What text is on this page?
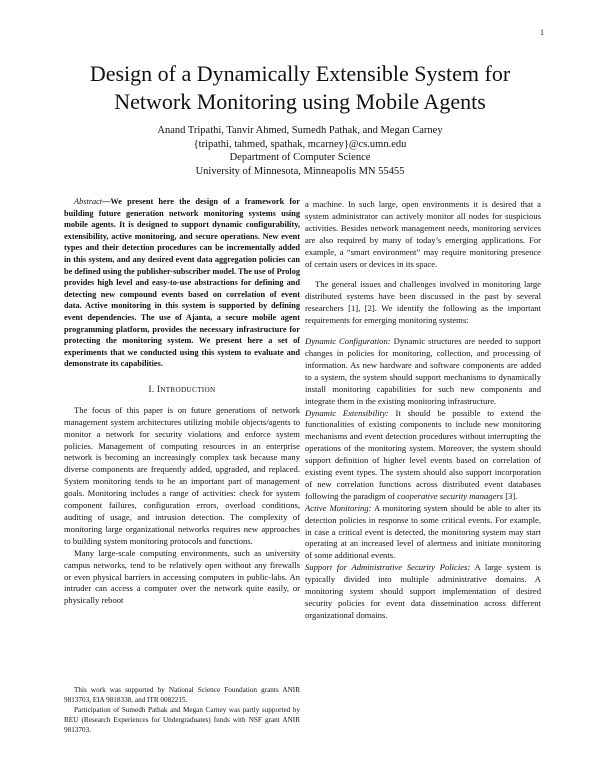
1
Design of a Dynamically Extensible System for
Network Monitoring using Mobile Agents
Anand Tripathi, Tanvir Ahmed, Sumedh Pathak, and Megan Carney
{tripathi, tahmed, spathak, mcarney}@cs.umn.edu
Department of Computer Science
University of Minnesota, Minneapolis MN 55455

Abstract—We present here the design of a framework for building future generation network monitoring systems using mobile agents. It is designed to support dynamic configurability, extensibility, active monitoring, and secure operations. New event types and their detection procedures can be incrementally added in this system, and any desired event data aggregation policies can be defined using the publisher-subscriber model. The use of Prolog provides high level and easy-to-use abstractions for defining and detecting new compound events based on correlation of event data. Active monitoring in this system is supported by defining event dependencies. The use of Ajanta, a secure mobile agent programming platform, provides the necessary infrastructure for protecting the monitoring system. We present here a set of experiments that we conducted using this system to evaluate and demonstrate its capabilities.

I. INTRODUCTION

The focus of this paper is on future generations of network management system architectures utilizing mobile objects/agents to monitor a network for security violations and enforce system policies. Management of computing resources in an enterprise network is becoming an increasingly complex task because many diverse components are frequently added, upgraded, and replaced. System monitoring tends to be an important part of management goals. Monitoring includes a range of activities: check for system component failures, configuration errors, overload conditions, auditing of usage, and intrusion detection. The complexity of monitoring large organizational networks requires new approaches to building system monitoring protocols and functions.

Many large-scale computing environments, such as university campus networks, tend to be relatively open without any firewalls or even physical barriers in accessing computers in public-labs. An intruder can access a computer over the network quite easily, or physically reboot

This work was supported by National Science Foundation grants ANIR 9813703, EIA 9818338, and ITR 0082215.

Participation of Sumedh Pathak and Megan Carney was partly supported by REU (Research Experiences for Undergraduates) funds with NSF grant ANIR 9813703.

a machine. In such large, open environments it is desired that a system administrator can actively monitor all nodes for suspicious activities. Besides network management needs, monitoring services are also required by many of today’s emerging applications. For example, a “smart environment” may require monitoring presence of certain users or devices in its space.

The general issues and challenges involved in monitoring large distributed systems have been discussed in the past by several researchers [1], [2]. We identify the following as the important requirements for emerging monitoring systems:

Dynamic Configuration: Dynamic structures are needed to support changes in policies for monitoring, collection, and processing of information. As new hardware and software components are added to a system, the system should support mechanisms to dynamically install monitoring capabilities for such new components and integrate them in the existing monitoring infrastructure.

Dynamic Extensibility: It should be possible to extend the functionalities of existing components to include new monitoring mechanisms and event detection procedures without interrupting the operations of the monitoring system. Moreover, the system should support definition of higher level events based on correlation of existing event types. The system should also support incorporation of new correlation functions across distributed event databases following the paradigm of cooperative security managers [3].

Active Monitoring: A monitoring system should be able to alter its detection policies in response to some critical events. For example, in case a critical event is detected, the monitoring system may start operating at an increased level of alertness and initiate monitoring of some additional events.

Support for Administrative Security Policies: A large system is typically divided into multiple administrative domains. A monitoring system should support implementation of desired security policies for event data dissemination across different organizational domains.
